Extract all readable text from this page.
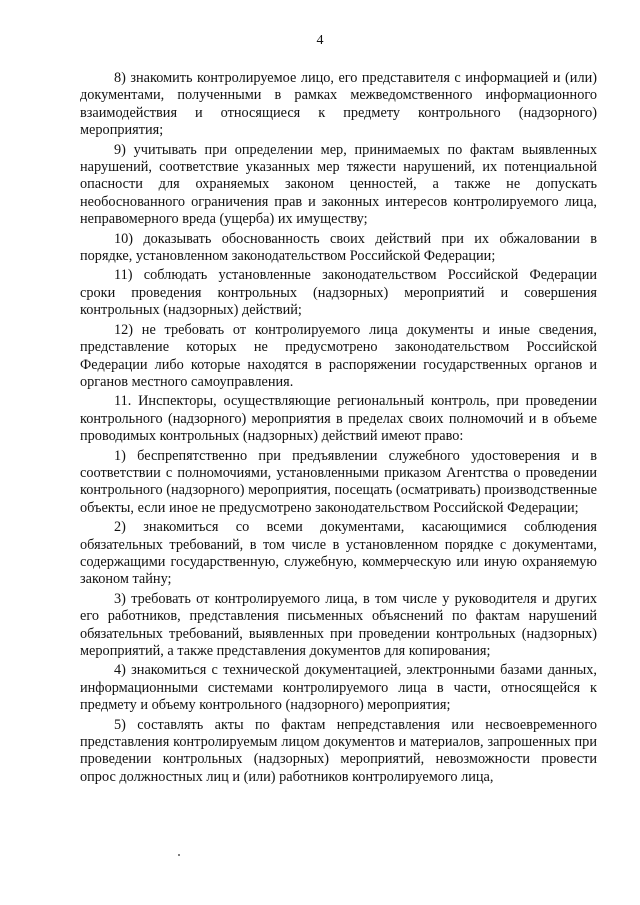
4

8) знакомить контролируемое лицо, его представителя с информацией и (или) документами, полученными в рамках межведомственного информационного взаимодействия и относящиеся к предмету контрольного (надзорного) мероприятия;

9) учитывать при определении мер, принимаемых по фактам выявленных нарушений, соответствие указанных мер тяжести нарушений, их потенциальной опасности для охраняемых законом ценностей, а также не допускать необоснованного ограничения прав и законных интересов контролируемого лица, неправомерного вреда (ущерба) их имуществу;

10) доказывать обоснованность своих действий при их обжаловании в порядке, установленном законодательством Российской Федерации;

11) соблюдать установленные законодательством Российской Федерации сроки проведения контрольных (надзорных) мероприятий и совершения контрольных (надзорных) действий;

12) не требовать от контролируемого лица документы и иные сведения, представление которых не предусмотрено законодательством Российской Федерации либо которые находятся в распоряжении государственных органов и органов местного самоуправления.

11. Инспекторы, осуществляющие региональный контроль, при проведении контрольного (надзорного) мероприятия в пределах своих полномочий и в объеме проводимых контрольных (надзорных) действий имеют право:

1) беспрепятственно при предъявлении служебного удостоверения и в соответствии с полномочиями, установленными приказом Агентства о проведении контрольного (надзорного) мероприятия, посещать (осматривать) производственные объекты, если иное не предусмотрено законодательством Российской Федерации;

2) знакомиться со всеми документами, касающимися соблюдения обязательных требований, в том числе в установленном порядке с документами, содержащими государственную, служебную, коммерческую или иную охраняемую законом тайну;

3) требовать от контролируемого лица, в том числе у руководителя и других его работников, представления письменных объяснений по фактам нарушений обязательных требований, выявленных при проведении контрольных (надзорных) мероприятий, а также представления документов для копирования;

4) знакомиться с технической документацией, электронными базами данных, информационными системами контролируемого лица в части, относящейся к предмету и объему контрольного (надзорного) мероприятия;

5) составлять акты по фактам непредставления или несвоевременного представления контролируемым лицом документов и материалов, запрошенных при проведении контрольных (надзорных) мероприятий, невозможности провести опрос должностных лиц и (или) работников контролируемого лица,
